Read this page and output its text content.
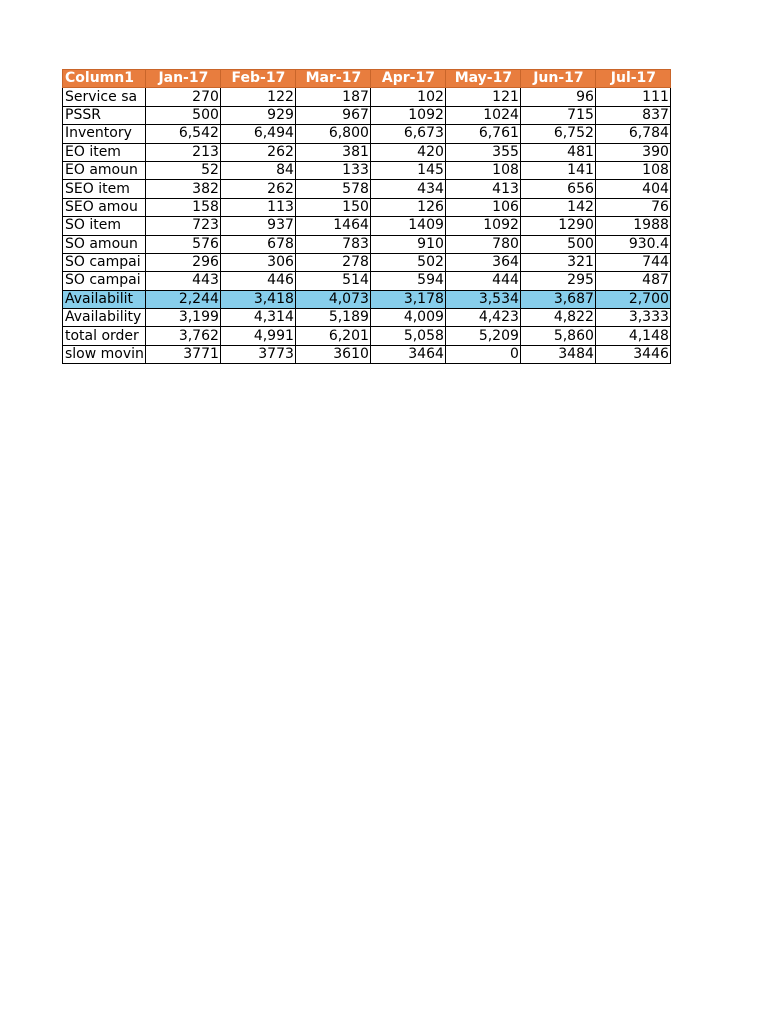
Column1	Jan-17	Feb-17	Mar-17	Apr-17	May-17	Jun-17	Jul-17
Service sa	270	122	187	102	121	96	111
PSSR	500	929	967	1092	1024	715	837
Inventory	6,542	6,494	6,800	6,673	6,761	6,752	6,784
EO item	213	262	381	420	355	481	390
EO amoun	52	84	133	145	108	141	108
SEO item	382	262	578	434	413	656	404
SEO amou	158	113	150	126	106	142	76
SO item	723	937	1464	1409	1092	1290	1988
SO amoun	576	678	783	910	780	500	930.4
SO campai	296	306	278	502	364	321	744
SO campai	443	446	514	594	444	295	487
Availabilit	2,244	3,418	4,073	3,178	3,534	3,687	2,700
Availability	3,199	4,314	5,189	4,009	4,423	4,822	3,333
total order	3,762	4,991	6,201	5,058	5,209	5,860	4,148
slow movin	3771	3773	3610	3464	0	3484	3446
